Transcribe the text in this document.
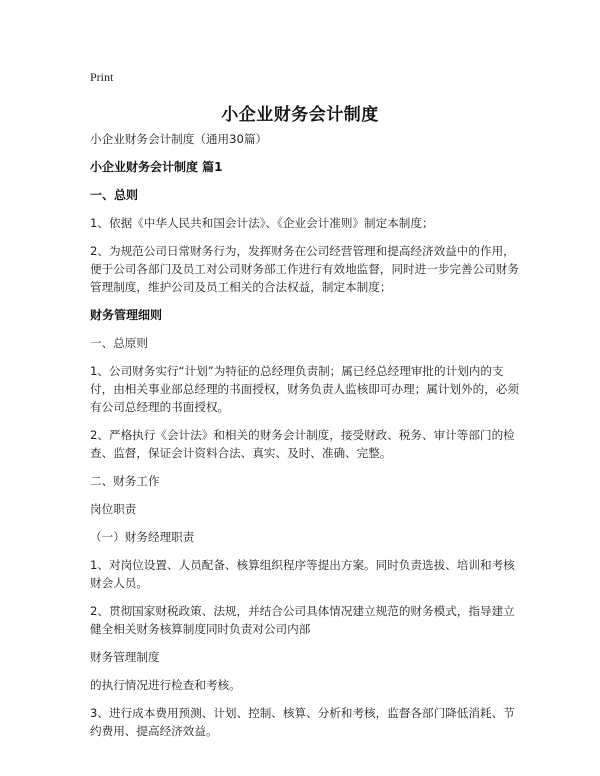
Print
小企业财务会计制度

小企业财务会计制度（通用30篇）

小企业财务会计制度 篇1

一、总则

1、依据《中华人民共和国会计法》、《企业会计准则》制定本制度；

2、为规范公司日常财务行为，发挥财务在公司经营管理和提高经济效益中的作用，便于公司各部门及员工对公司财务部工作进行有效地监督，同时进一步完善公司财务管理制度，维护公司及员工相关的合法权益，制定本制度；

财务管理细则

一、总原则

1、公司财务实行“计划”为特征的总经理负责制；属已经总经理审批的计划内的支付，由相关事业部总经理的书面授权，财务负责人监核即可办理；属计划外的，必须有公司总经理的书面授权。

2、严格执行《会计法》和相关的财务会计制度，接受财政、税务、审计等部门的检查、监督，保证会计资料合法、真实、及时、准确、完整。

二、财务工作

岗位职责

（一）财务经理职责

1、对岗位设置、人员配备、核算组织程序等提出方案。同时负责选拔、培训和考核财会人员。

2、贯彻国家财税政策、法规，并结合公司具体情况建立规范的财务模式，指导建立健全相关财务核算制度同时负责对公司内部

财务管理制度

的执行情况进行检查和考核。

3、进行成本费用预测、计划、控制、核算、分析和考核，监督各部门降低消耗、节约费用、提高经济效益。
